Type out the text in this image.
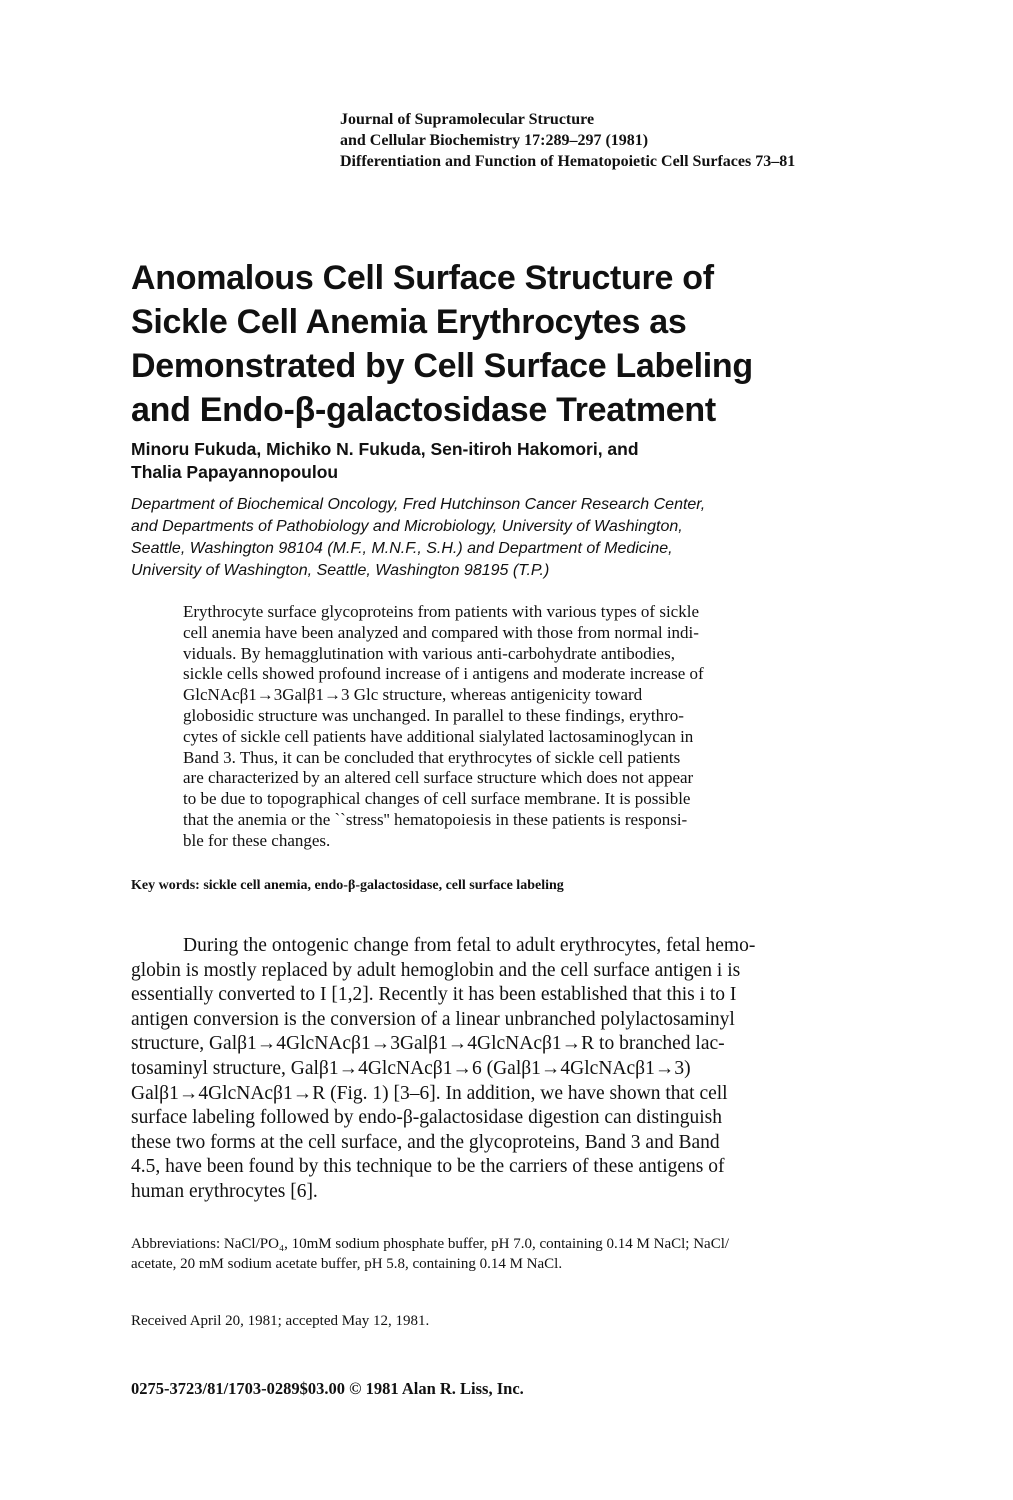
Journal of Supramolecular Structure
and Cellular Biochemistry 17:289–297 (1981)
Differentiation and Function of Hematopoietic Cell Surfaces 73–81
Anomalous Cell Surface Structure of
Sickle Cell Anemia Erythrocytes as
Demonstrated by Cell Surface Labeling
and Endo-β-galactosidase Treatment
Minoru Fukuda, Michiko N. Fukuda, Sen-itiroh Hakomori, and
Thalia Papayannopoulou
Department of Biochemical Oncology, Fred Hutchinson Cancer Research Center,
and Departments of Pathobiology and Microbiology, University of Washington,
Seattle, Washington 98104 (M.F., M.N.F., S.H.) and Department of Medicine,
University of Washington, Seattle, Washington 98195 (T.P.)
Erythrocyte surface glycoproteins from patients with various types of sickle
cell anemia have been analyzed and compared with those from normal indi-
viduals. By hemagglutination with various anti-carbohydrate antibodies,
sickle cells showed profound increase of i antigens and moderate increase of
GlcNAcβ1→3Galβ1→3 Glc structure, whereas antigenicity toward
globosidic structure was unchanged. In parallel to these findings, erythro-
cytes of sickle cell patients have additional sialylated lactosaminoglycan in
Band 3. Thus, it can be concluded that erythrocytes of sickle cell patients
are characterized by an altered cell surface structure which does not appear
to be due to topographical changes of cell surface membrane. It is possible
that the anemia or the ``stress'' hematopoiesis in these patients is responsi-
ble for these changes.
Key words: sickle cell anemia, endo-β-galactosidase, cell surface labeling
During the ontogenic change from fetal to adult erythrocytes, fetal hemo-
globin is mostly replaced by adult hemoglobin and the cell surface antigen i is
essentially converted to I [1,2]. Recently it has been established that this i to I
antigen conversion is the conversion of a linear unbranched polylactosaminyl
structure, Galβ1→4GlcNAcβ1→3Galβ1→4GlcNAcβ1→R to branched lac-
tosaminyl structure, Galβ1→4GlcNAcβ1→6 (Galβ1→4GlcNAcβ1→3)
Galβ1→4GlcNAcβ1→R (Fig. 1) [3–6]. In addition, we have shown that cell
surface labeling followed by endo-β-galactosidase digestion can distinguish
these two forms at the cell surface, and the glycoproteins, Band 3 and Band
4.5, have been found by this technique to be the carriers of these antigens of
human erythrocytes [6].
Abbreviations: NaCl/PO₄, 10mM sodium phosphate buffer, pH 7.0, containing 0.14 M NaCl; NaCl/
acetate, 20 mM sodium acetate buffer, pH 5.8, containing 0.14 M NaCl.
Received April 20, 1981; accepted May 12, 1981.
0275-3723/81/1703-0289$03.00 © 1981 Alan R. Liss, Inc.
